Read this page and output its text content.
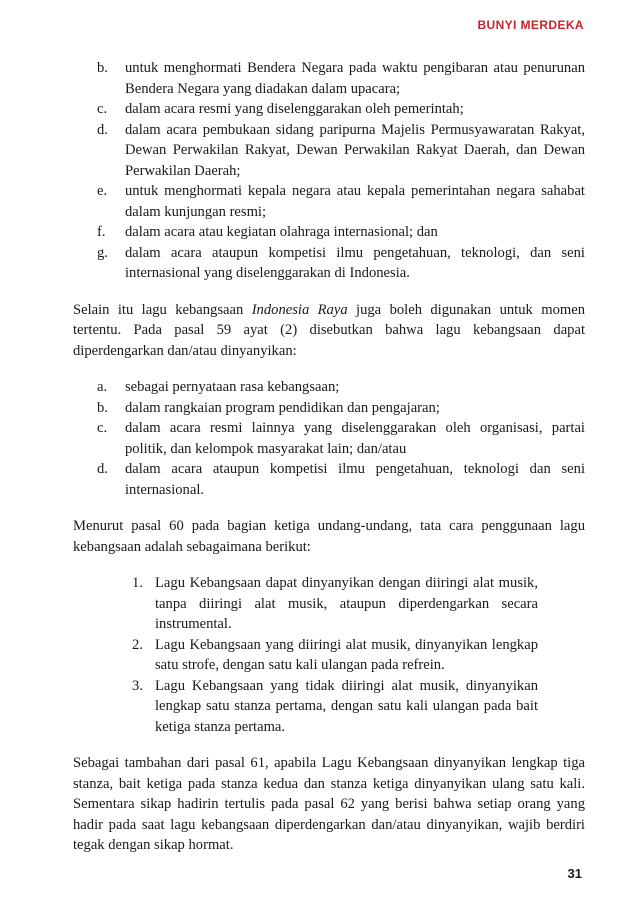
BUNYI MERDEKA
b.	untuk menghormati Bendera Negara pada waktu pengibaran atau penurunan Bendera Negara yang diadakan dalam upacara;
c.	dalam acara resmi yang diselenggarakan oleh pemerintah;
d.	dalam acara pembukaan sidang paripurna Majelis Permusyawaratan Rakyat, Dewan Perwakilan Rakyat, Dewan Perwakilan Rakyat Daerah, dan Dewan Perwakilan Daerah;
e.	untuk menghormati kepala negara atau kepala pemerintahan negara sahabat dalam kunjungan resmi;
f.	dalam acara atau kegiatan olahraga internasional; dan
g.	dalam acara ataupun kompetisi ilmu pengetahuan, teknologi, dan seni internasional yang diselenggarakan di Indonesia.

Selain itu lagu kebangsaan Indonesia Raya juga boleh digunakan untuk momen tertentu. Pada pasal 59 ayat (2) disebutkan bahwa lagu kebangsaan dapat diperdengarkan dan/atau dinyanyikan:

a.	sebagai pernyataan rasa kebangsaan;
b.	dalam rangkaian program pendidikan dan pengajaran;
c.	dalam acara resmi lainnya yang diselenggarakan oleh organisasi, partai politik, dan kelompok masyarakat lain; dan/atau
d.	dalam acara ataupun kompetisi ilmu pengetahuan, teknologi dan seni internasional.

Menurut pasal 60 pada bagian ketiga undang-undang, tata cara penggunaan lagu kebangsaan adalah sebagaimana berikut:

1. Lagu Kebangsaan dapat dinyanyikan dengan diiringi alat musik, tanpa diiringi alat musik, ataupun diperdengarkan secara instrumental.
2. Lagu Kebangsaan yang diiringi alat musik, dinyanyikan lengkap satu strofe, dengan satu kali ulangan pada refrein.
3. Lagu Kebangsaan yang tidak diiringi alat musik, dinyanyikan lengkap satu stanza pertama, dengan satu kali ulangan pada bait ketiga stanza pertama.

Sebagai tambahan dari pasal 61, apabila Lagu Kebangsaan dinyanyikan lengkap tiga stanza, bait ketiga pada stanza kedua dan stanza ketiga dinyanyikan ulang satu kali. Sementara sikap hadirin tertulis pada pasal 62 yang berisi bahwa setiap orang yang hadir pada saat lagu kebangsaan diperdengarkan dan/atau dinyanyikan, wajib berdiri tegak dengan sikap hormat.

31
